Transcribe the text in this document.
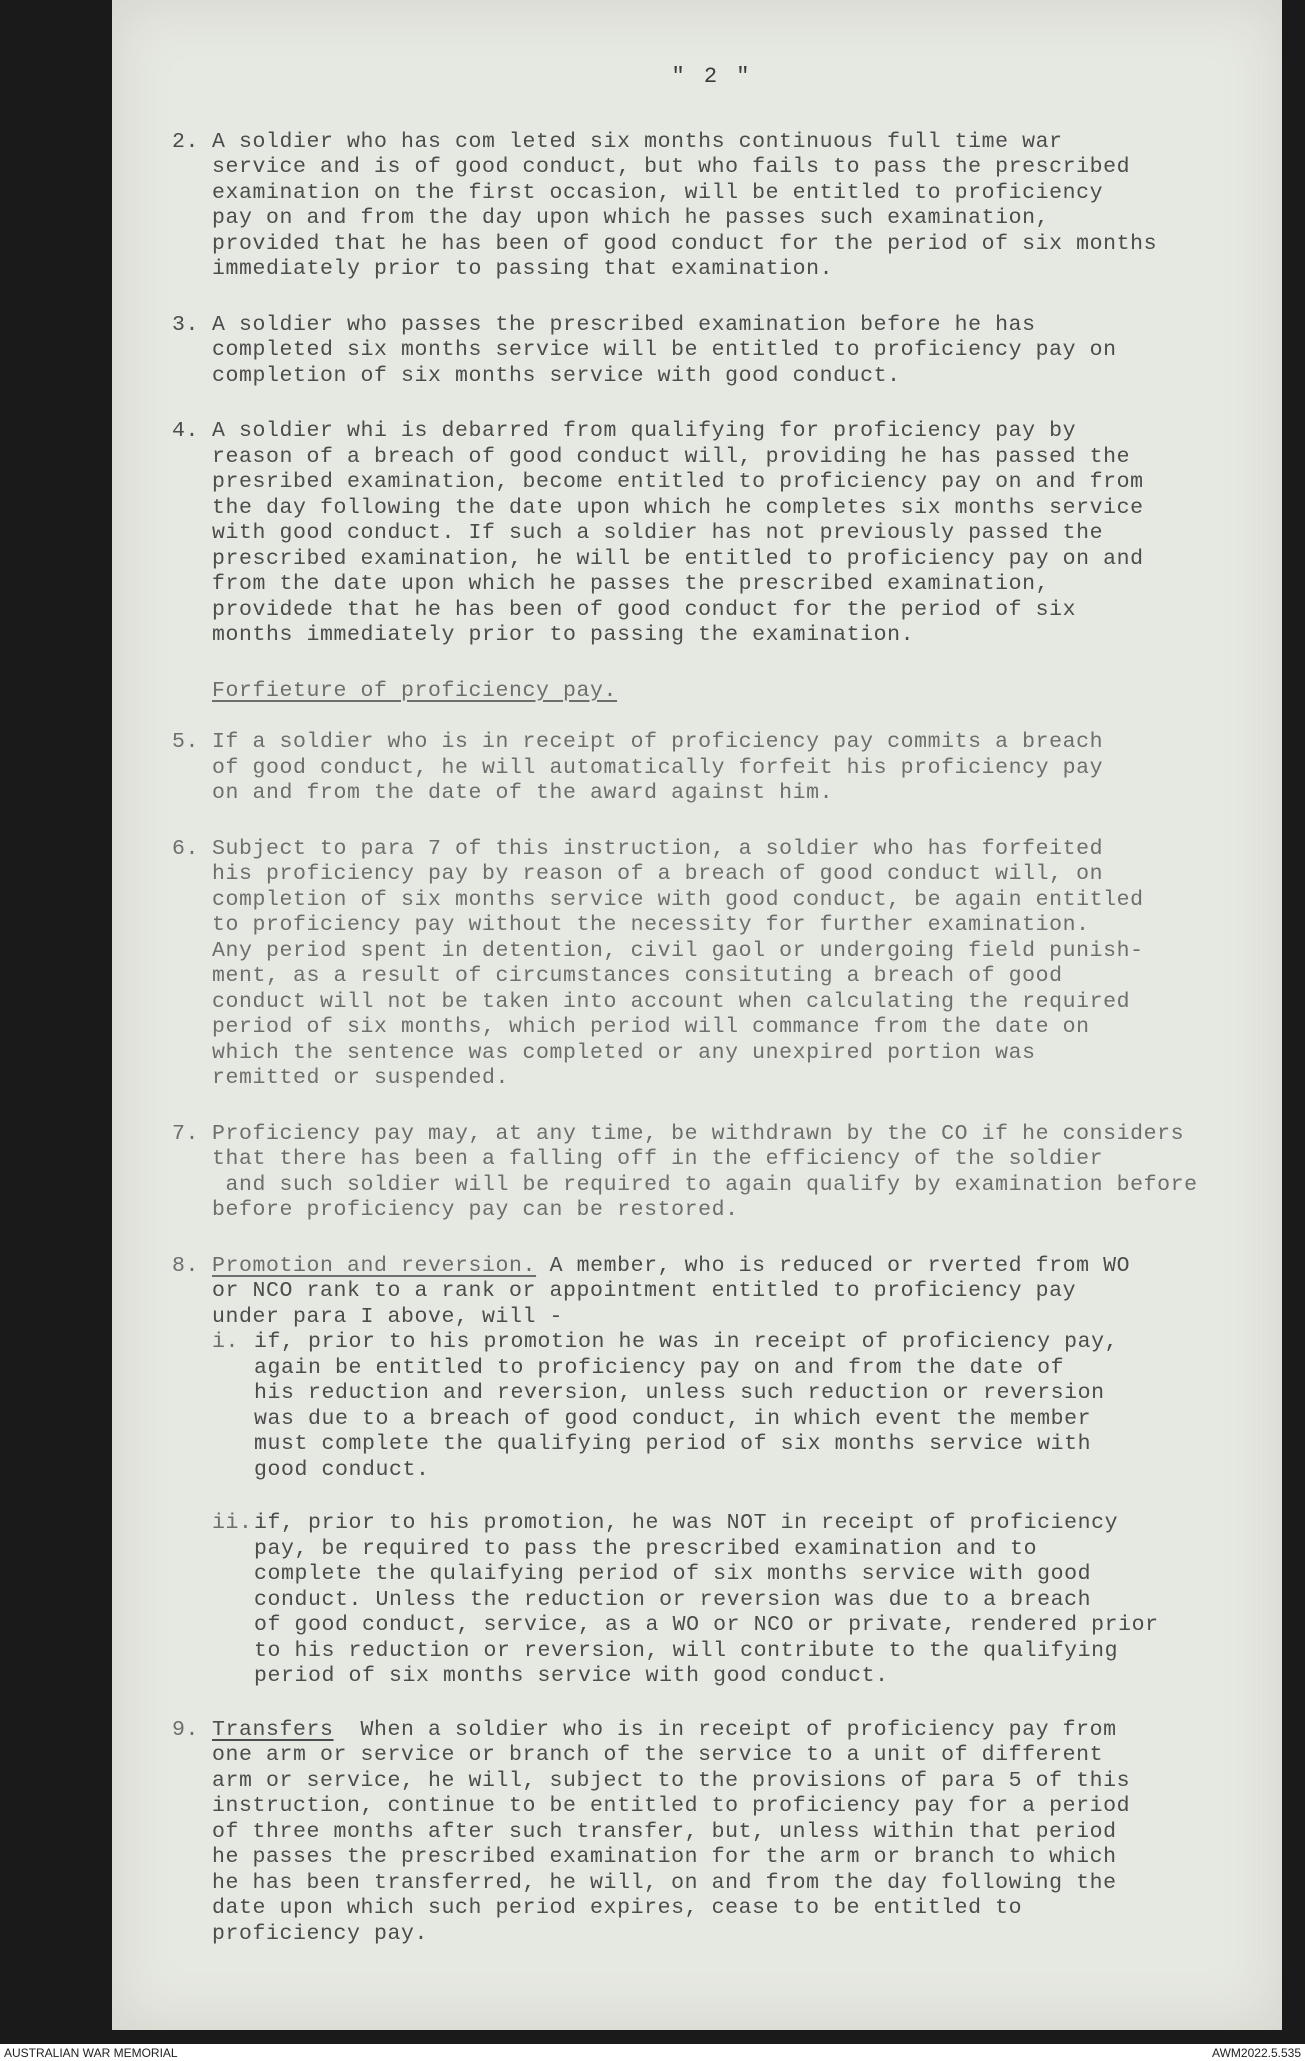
" 2 "
2. A soldier who has com leted six months continuous full time war
service and is of good conduct, but who fails to pass the prescribed
examination on the first occasion, will be entitled to proficiency
pay on and from the day upon which he passes such examination,
provided that he has been of good conduct for the period of six months
immediately prior to passing that examination.
3. A soldier who passes the prescribed examination before he has
completed six months service will be entitled to proficiency pay on
completion of six months service with good conduct.
4. A soldier whi is debarred from qualifying for proficiency pay by
reason of a breach of good conduct will, providing he has passed the
presribed examination, become entitled to proficiency pay on and from
the day following the date upon which he completes six months service
with good conduct. If such a soldier has not previously passed the
prescribed examination, he will be entitled to proficiency pay on and
from the date upon which he passes the prescribed examination,
providede that he has been of good conduct for the period of six
months immediately prior to passing the examination.
Forfieture of proficiency pay.
5. If a soldier who is in receipt of proficiency pay commits a breach
of good conduct, he will automatically forfeit his proficiency pay
on and from the date of the award against him.
6. Subject to para 7 of this instruction, a soldier who has forfeited
his proficiency pay by reason of a breach of good conduct will, on
completion of six months service with good conduct, be again entitled
to proficiency pay without the necessity for further examination.
Any period spent in detention, civil gaol or undergoing field punish-
ment, as a result of circumstances consituting a breach of good
conduct will not be taken into account when calculating the required
period of six months, which period will commance from the date on
which the sentence was completed or any unexpired portion was
remitted or suspended.
7. Proficiency pay may, at any time, be withdrawn by the CO if he considers
that there has been a falling off in the efficiency of the soldier
and such soldier will be required to again qualify by examination before
before proficiency pay can be restored.
8. Promotion and reversion. A member, who is reduced or rverted from WO
or NCO rank to a rank or appointment entitled to proficiency pay
under para I above, will -
i. if, prior to his promotion he was in receipt of proficiency pay,
again be entitled to proficiency pay on and from the date of
his reduction and reversion, unless such reduction or reversion
was due to a breach of good conduct, in which event the member
must complete the qualifying period of six months service with
good conduct.
ii. if, prior to his promotion, he was NOT in receipt of proficiency
pay, be required to pass the prescribed examination and to
complete the qulaifying period of six months service with good
conduct. Unless the reduction or reversion was due to a breach
of good conduct, service, as a WO or NCO or private, rendered prior
to his reduction or reversion, will contribute to the qualifying
period of six months service with good conduct.
9. Transfers  When a soldier who is in receipt of proficiency pay from
one arm or service or branch of the service to a unit of different
arm or service, he will, subject to the provisions of para 5 of this
instruction, continue to be entitled to proficiency pay for a period
of three months after such transfer, but, unless within that period
he passes the prescribed examination for the arm or branch to which
he has been transferred, he will, on and from the day following the
date upon which such period expires, cease to be entitled to
proficiency pay.
AUSTRALIAN WAR MEMORIAL	AWM2022.5.535
